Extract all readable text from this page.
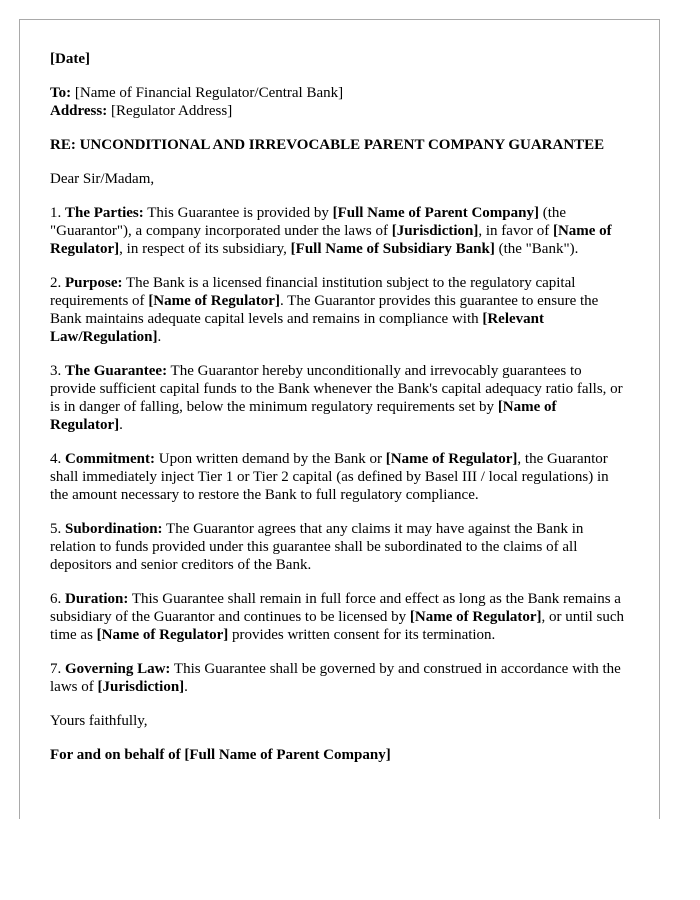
[Date]

To: [Name of Financial Regulator/Central Bank]
Address: [Regulator Address]

RE: UNCONDITIONAL AND IRREVOCABLE PARENT COMPANY GUARANTEE

Dear Sir/Madam,

1. The Parties: This Guarantee is provided by [Full Name of Parent Company] (the "Guarantor"), a company incorporated under the laws of [Jurisdiction], in favor of [Name of Regulator], in respect of its subsidiary, [Full Name of Subsidiary Bank] (the "Bank").

2. Purpose: The Bank is a licensed financial institution subject to the regulatory capital requirements of [Name of Regulator]. The Guarantor provides this guarantee to ensure the Bank maintains adequate capital levels and remains in compliance with [Relevant Law/Regulation].

3. The Guarantee: The Guarantor hereby unconditionally and irrevocably guarantees to provide sufficient capital funds to the Bank whenever the Bank's capital adequacy ratio falls, or is in danger of falling, below the minimum regulatory requirements set by [Name of Regulator].

4. Commitment: Upon written demand by the Bank or [Name of Regulator], the Guarantor shall immediately inject Tier 1 or Tier 2 capital (as defined by Basel III / local regulations) in the amount necessary to restore the Bank to full regulatory compliance.

5. Subordination: The Guarantor agrees that any claims it may have against the Bank in relation to funds provided under this guarantee shall be subordinated to the claims of all depositors and senior creditors of the Bank.

6. Duration: This Guarantee shall remain in full force and effect as long as the Bank remains a subsidiary of the Guarantor and continues to be licensed by [Name of Regulator], or until such time as [Name of Regulator] provides written consent for its termination.

7. Governing Law: This Guarantee shall be governed by and construed in accordance with the laws of [Jurisdiction].

Yours faithfully,

For and on behalf of [Full Name of Parent Company]
